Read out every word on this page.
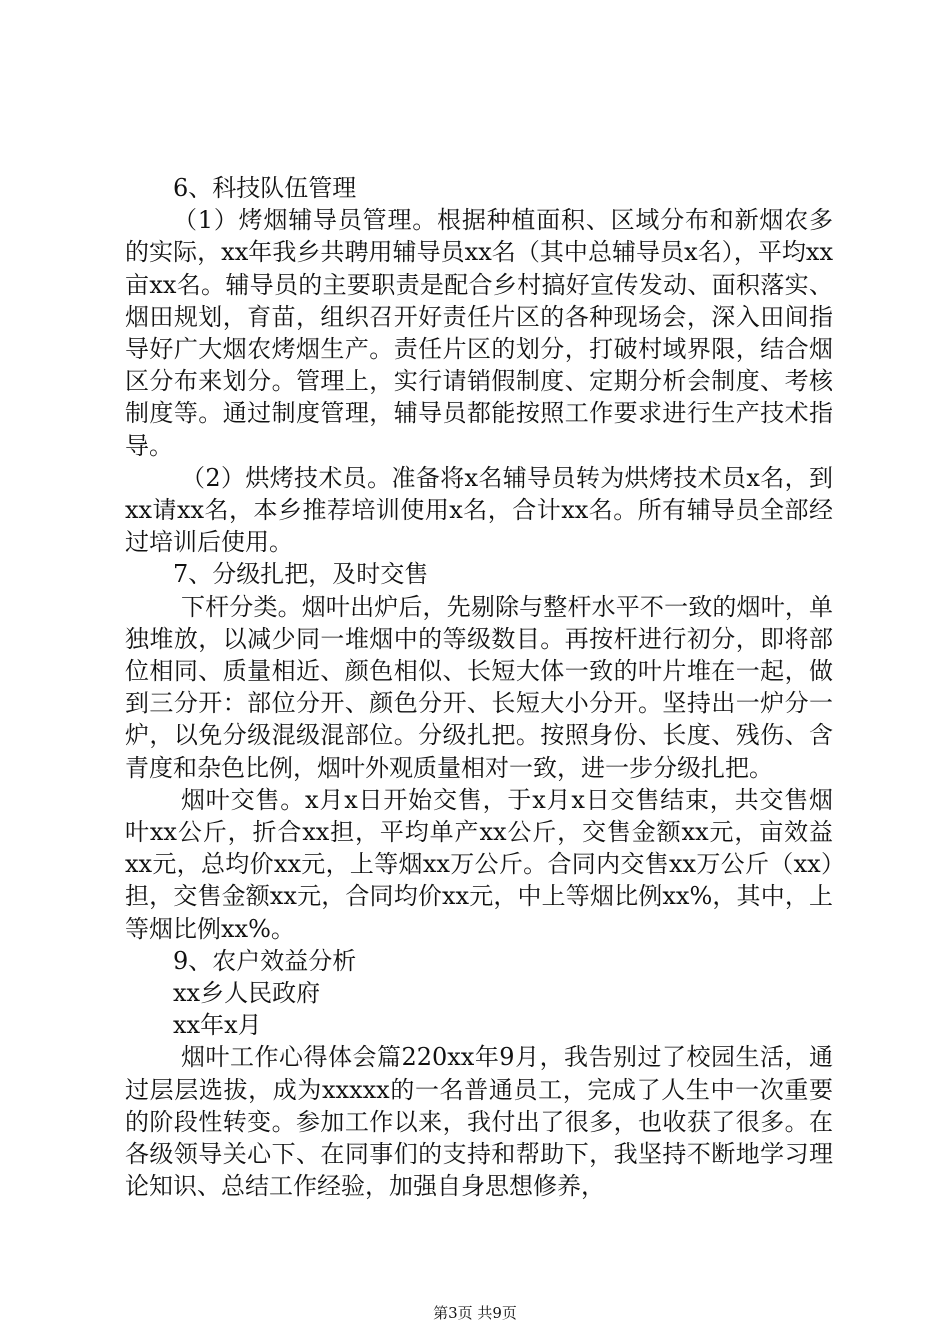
6、科技队伍管理

（1）烤烟辅导员管理。根据种植面积、区域分布和新烟农多的实际，xx年我乡共聘用辅导员xx名（其中总辅导员x名），平均xx亩xx名。辅导员的主要职责是配合乡村搞好宣传发动、面积落实、烟田规划，育苗，组织召开好责任片区的各种现场会，深入田间指导好广大烟农烤烟生产。责任片区的划分，打破村域界限，结合烟区分布来划分。管理上，实行请销假制度、定期分析会制度、考核制度等。通过制度管理，辅导员都能按照工作要求进行生产技术指导。

（2）烘烤技术员。准备将x名辅导员转为烘烤技术员x名，到xx请xx名，本乡推荐培训使用x名，合计xx名。所有辅导员全部经过培训后使用。

7、分级扎把，及时交售

下杆分类。烟叶出炉后，先剔除与整杆水平不一致的烟叶，单独堆放，以减少同一堆烟中的等级数目。再按杆进行初分，即将部位相同、质量相近、颜色相似、长短大体一致的叶片堆在一起，做到三分开：部位分开、颜色分开、长短大小分开。坚持出一炉分一炉，以免分级混级混部位。分级扎把。按照身份、长度、残伤、含青度和杂色比例，烟叶外观质量相对一致，进一步分级扎把。

烟叶交售。x月x日开始交售，于x月x日交售结束，共交售烟叶xx公斤，折合xx担，平均单产xx公斤，交售金额xx元，亩效益xx元，总均价xx元，上等烟xx万公斤。合同内交售xx万公斤（xx）担，交售金额xx元，合同均价xx元，中上等烟比例xx%，其中，上等烟比例xx%。

9、农户效益分析

xx乡人民政府

xx年x月

烟叶工作心得体会篇220xx年9月，我告别过了校园生活，通过层层选拔，成为xxxxx的一名普通员工，完成了人生中一次重要的阶段性转变。参加工作以来，我付出了很多，也收获了很多。在各级领导关心下、在同事们的支持和帮助下，我坚持不断地学习理论知识、总结工作经验，加强自身思想修养，

第3页 共9页
